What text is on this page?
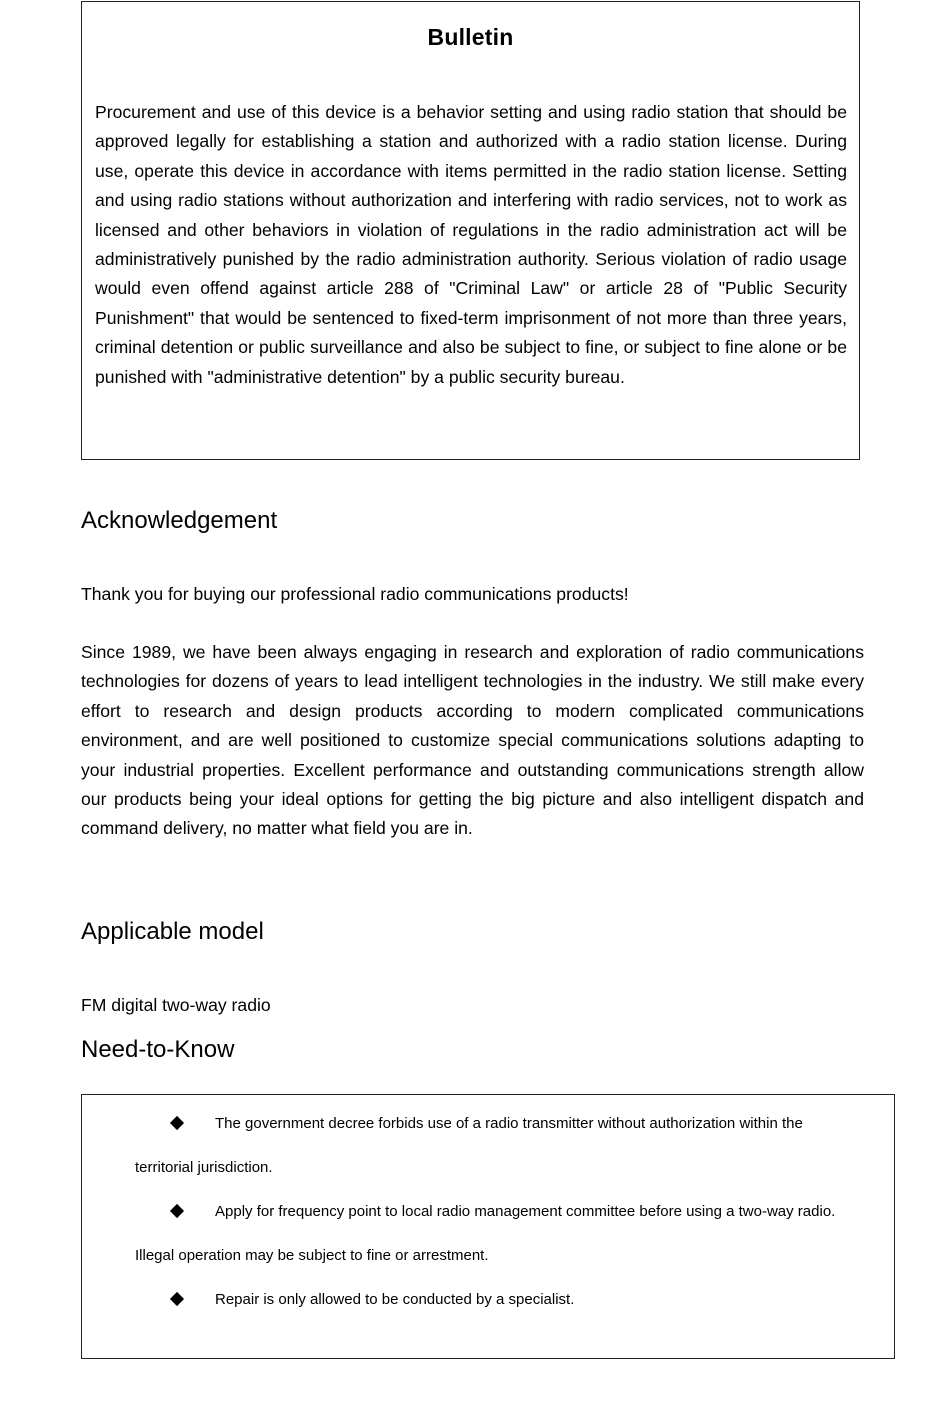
Bulletin

Procurement and use of this device is a behavior setting and using radio station that should be approved legally for establishing a station and authorized with a radio station license. During use, operate this device in accordance with items permitted in the radio station license. Setting and using radio stations without authorization and interfering with radio services, not to work as licensed and other behaviors in violation of regulations in the radio administration act will be administratively punished by the radio administration authority. Serious violation of radio usage would even offend against article 288 of "Criminal Law" or article 28 of "Public Security Punishment" that would be sentenced to fixed-term imprisonment of not more than three years, criminal detention or public surveillance and also be subject to fine, or subject to fine alone or be punished with "administrative detention" by a public security bureau.

Acknowledgement

Thank you for buying our professional radio communications products!

Since 1989, we have been always engaging in research and exploration of radio communications technologies for dozens of years to lead intelligent technologies in the industry. We still make every effort to research and design products according to modern complicated communications environment, and are well positioned to customize special communications solutions adapting to your industrial properties. Excellent performance and outstanding communications strength allow our products being your ideal options for getting the big picture and also intelligent dispatch and command delivery, no matter what field you are in.

Applicable model

FM digital two-way radio

Need-to-Know
The government decree forbids use of a radio transmitter without authorization within the
territorial jurisdiction.
Apply for frequency point to local radio management committee before using a two-way radio.
Illegal operation may be subject to fine or arrestment.
Repair is only allowed to be conducted by a specialist.
